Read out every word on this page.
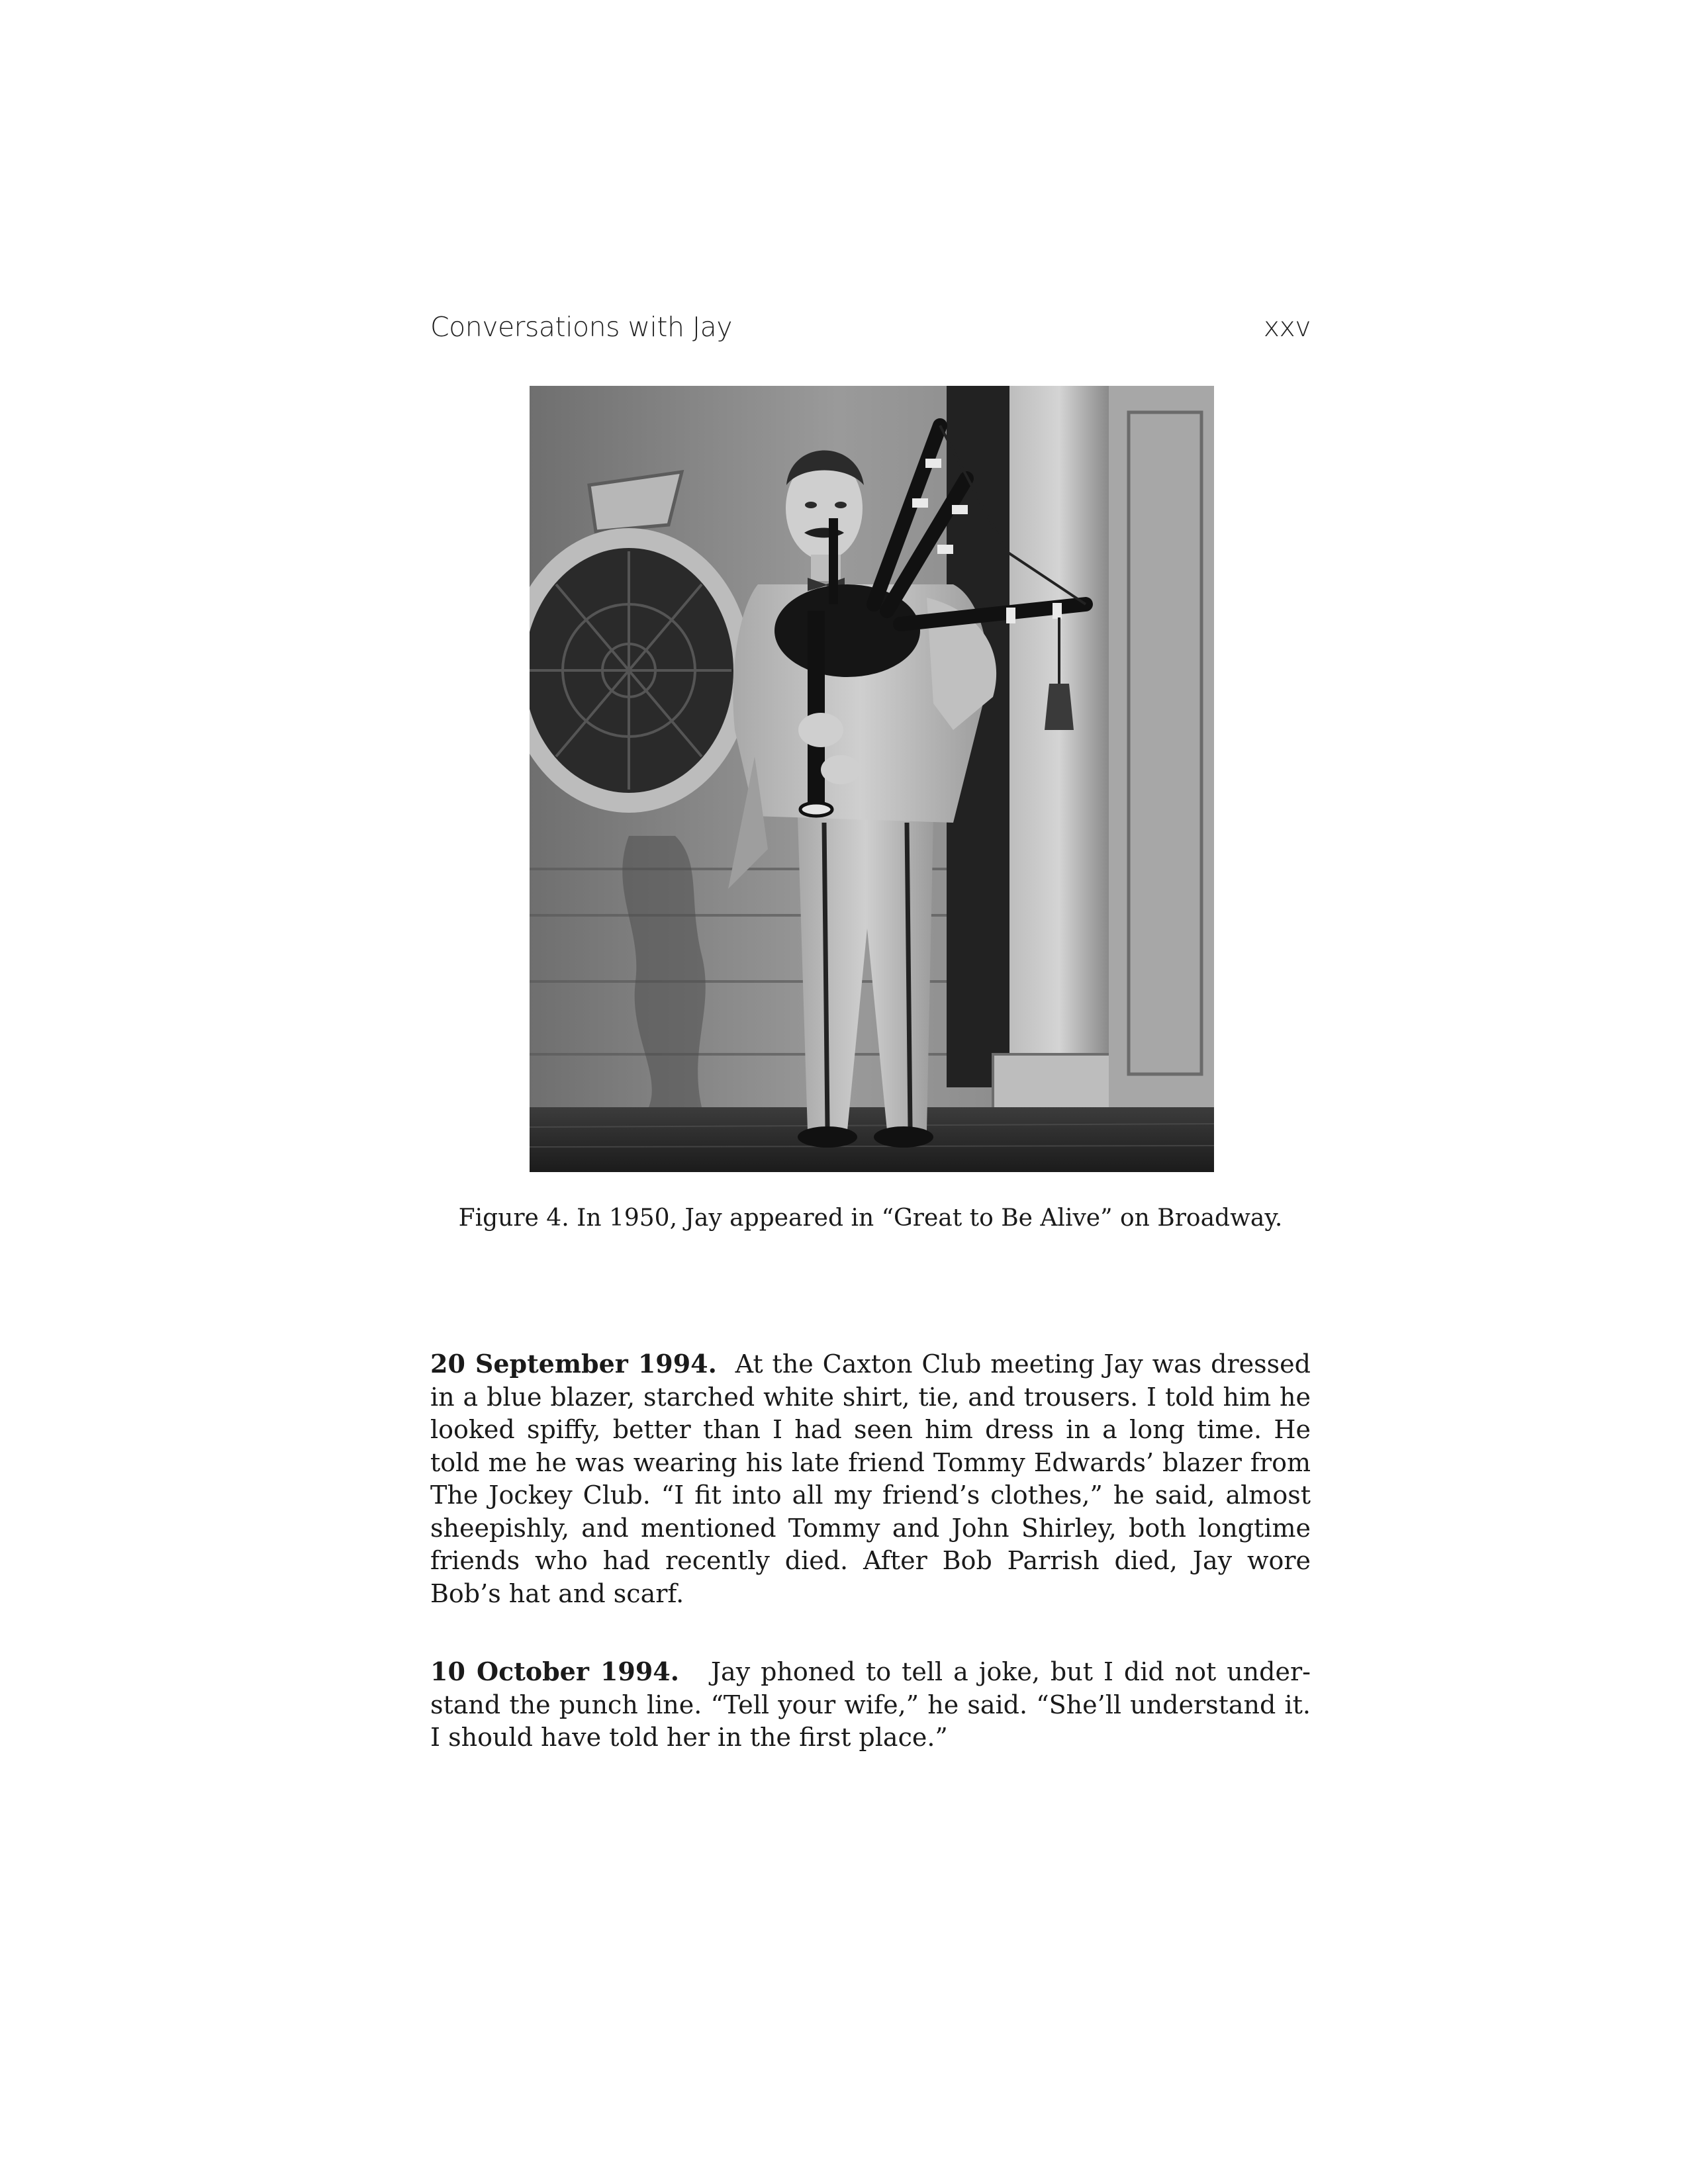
Conversations with Jay	xxv
Figure 4. In 1950, Jay appeared in “Great to Be Alive” on Broadway.

20 September 1994. At the Caxton Club meeting Jay was dressed in a blue blazer, starched white shirt, tie, and trousers. I told him he looked spiffy, better than I had seen him dress in a long time. He told me he was wearing his late friend Tommy Edwards’ blazer from The Jockey Club. “I fit into all my friend’s clothes,” he said, almost sheepishly, and mentioned Tommy and John Shirley, both longtime friends who had recently died. After Bob Parrish died, Jay wore Bob’s hat and scarf.

10 October 1994. Jay phoned to tell a joke, but I did not understand the punch line. “Tell your wife,” he said. “She’ll understand it. I should have told her in the first place.”
